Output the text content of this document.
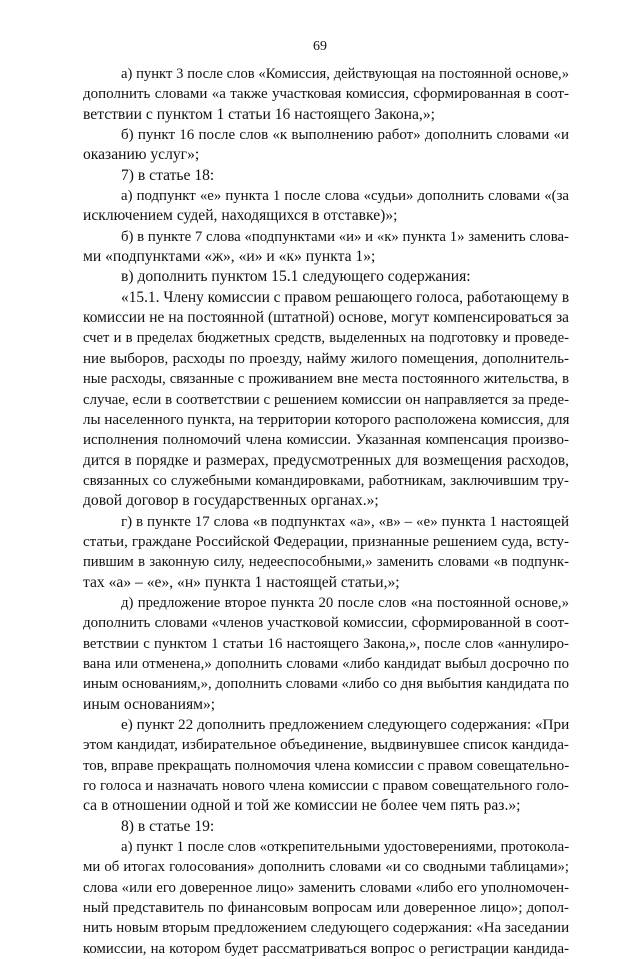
69
а) пункт 3 после слов «Комиссия, действующая на постоянной основе,»
дополнить словами «а также участковая комиссия, сформированная в соот-
ветствии с пунктом 1 статьи 16 настоящего Закона,»;
б) пункт 16 после слов «к выполнению работ» дополнить словами «и
оказанию услуг»;
7) в статье 18:
а) подпункт «е» пункта 1 после слова «судьи» дополнить словами «(за
исключением судей, находящихся в отставке)»;
б) в пункте 7 слова «подпунктами «и» и «к» пункта 1» заменить слова-
ми «подпунктами «ж», «и» и «к» пункта 1»;
в) дополнить пунктом 15.1 следующего содержания:
«15.1. Члену комиссии с правом решающего голоса, работающему в
комиссии не на постоянной (штатной) основе, могут компенсироваться за
счет и в пределах бюджетных средств, выделенных на подготовку и проведе-
ние выборов, расходы по проезду, найму жилого помещения, дополнитель-
ные расходы, связанные с проживанием вне места постоянного жительства, в
случае, если в соответствии с решением комиссии он направляется за преде-
лы населенного пункта, на территории которого расположена комиссия, для
исполнения полномочий члена комиссии. Указанная компенсация произво-
дится в порядке и размерах, предусмотренных для возмещения расходов,
связанных со служебными командировками, работникам, заключившим тру-
довой договор в государственных органах.»;
г) в пункте 17 слова «в подпунктах «а», «в» – «е» пункта 1 настоящей
статьи, граждане Российской Федерации, признанные решением суда, всту-
пившим в законную силу, недееспособными,» заменить словами «в подпунк-
тах «а» – «е», «н» пункта 1 настоящей статьи,»;
д) предложение второе пункта 20 после слов «на постоянной основе,»
дополнить словами «членов участковой комиссии, сформированной в соот-
ветствии с пунктом 1 статьи 16 настоящего Закона,», после слов «аннулиро-
вана или отменена,» дополнить словами «либо кандидат выбыл досрочно по
иным основаниям,», дополнить словами «либо со дня выбытия кандидата по
иным основаниям»;
е) пункт 22 дополнить предложением следующего содержания: «При
этом кандидат, избирательное объединение, выдвинувшее список кандида-
тов, вправе прекращать полномочия члена комиссии с правом совещательно-
го голоса и назначать нового члена комиссии с правом совещательного голо-
са в отношении одной и той же комиссии не более чем пять раз.»;
8) в статье 19:
а) пункт 1 после слов «открепительными удостоверениями, протокола-
ми об итогах голосования» дополнить словами «и со сводными таблицами»;
слова «или его доверенное лицо» заменить словами «либо его уполномочен-
ный представитель по финансовым вопросам или доверенное лицо»; допол-
нить новым вторым предложением следующего содержания: «На заседании
комиссии, на котором будет рассматриваться вопрос о регистрации кандида-
